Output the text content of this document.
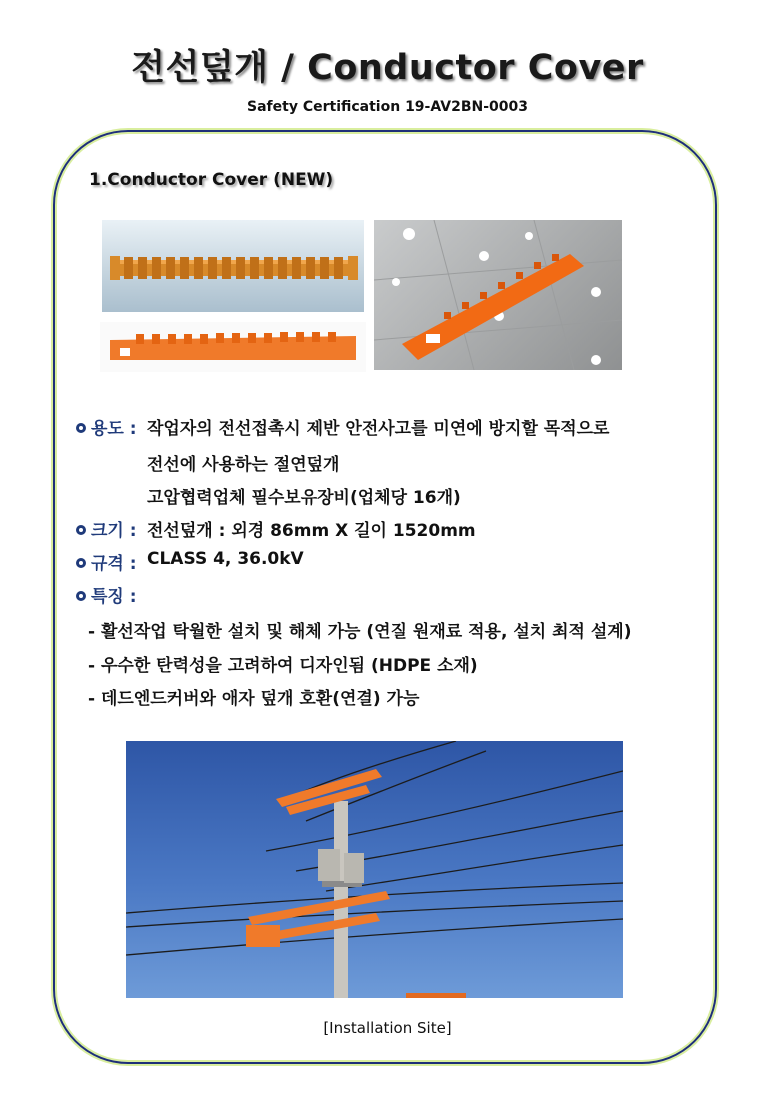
전선덮개 / Conductor Cover
Safety Certification 19-AV2BN-0003
1.Conductor Cover (NEW)
용도 : 작업자의 전선접촉시 제반 안전사고를 미연에 방지할 목적으로
전선에 사용하는 절연덮개
고압협력업체 필수보유장비(업체당 16개)
크기 : 전선덮개 : 외경 86mm X 길이 1520mm
규격 : CLASS 4, 36.0kV
특징 :
- 활선작업 탁월한 설치 및 해체 가능 (연질 원재료 적용, 설치 최적 설계)
- 우수한 탄력성을 고려하여 디자인됨 (HDPE 소재)
- 데드엔드커버와 애자 덮개 호환(연결) 가능
[Installation Site]
